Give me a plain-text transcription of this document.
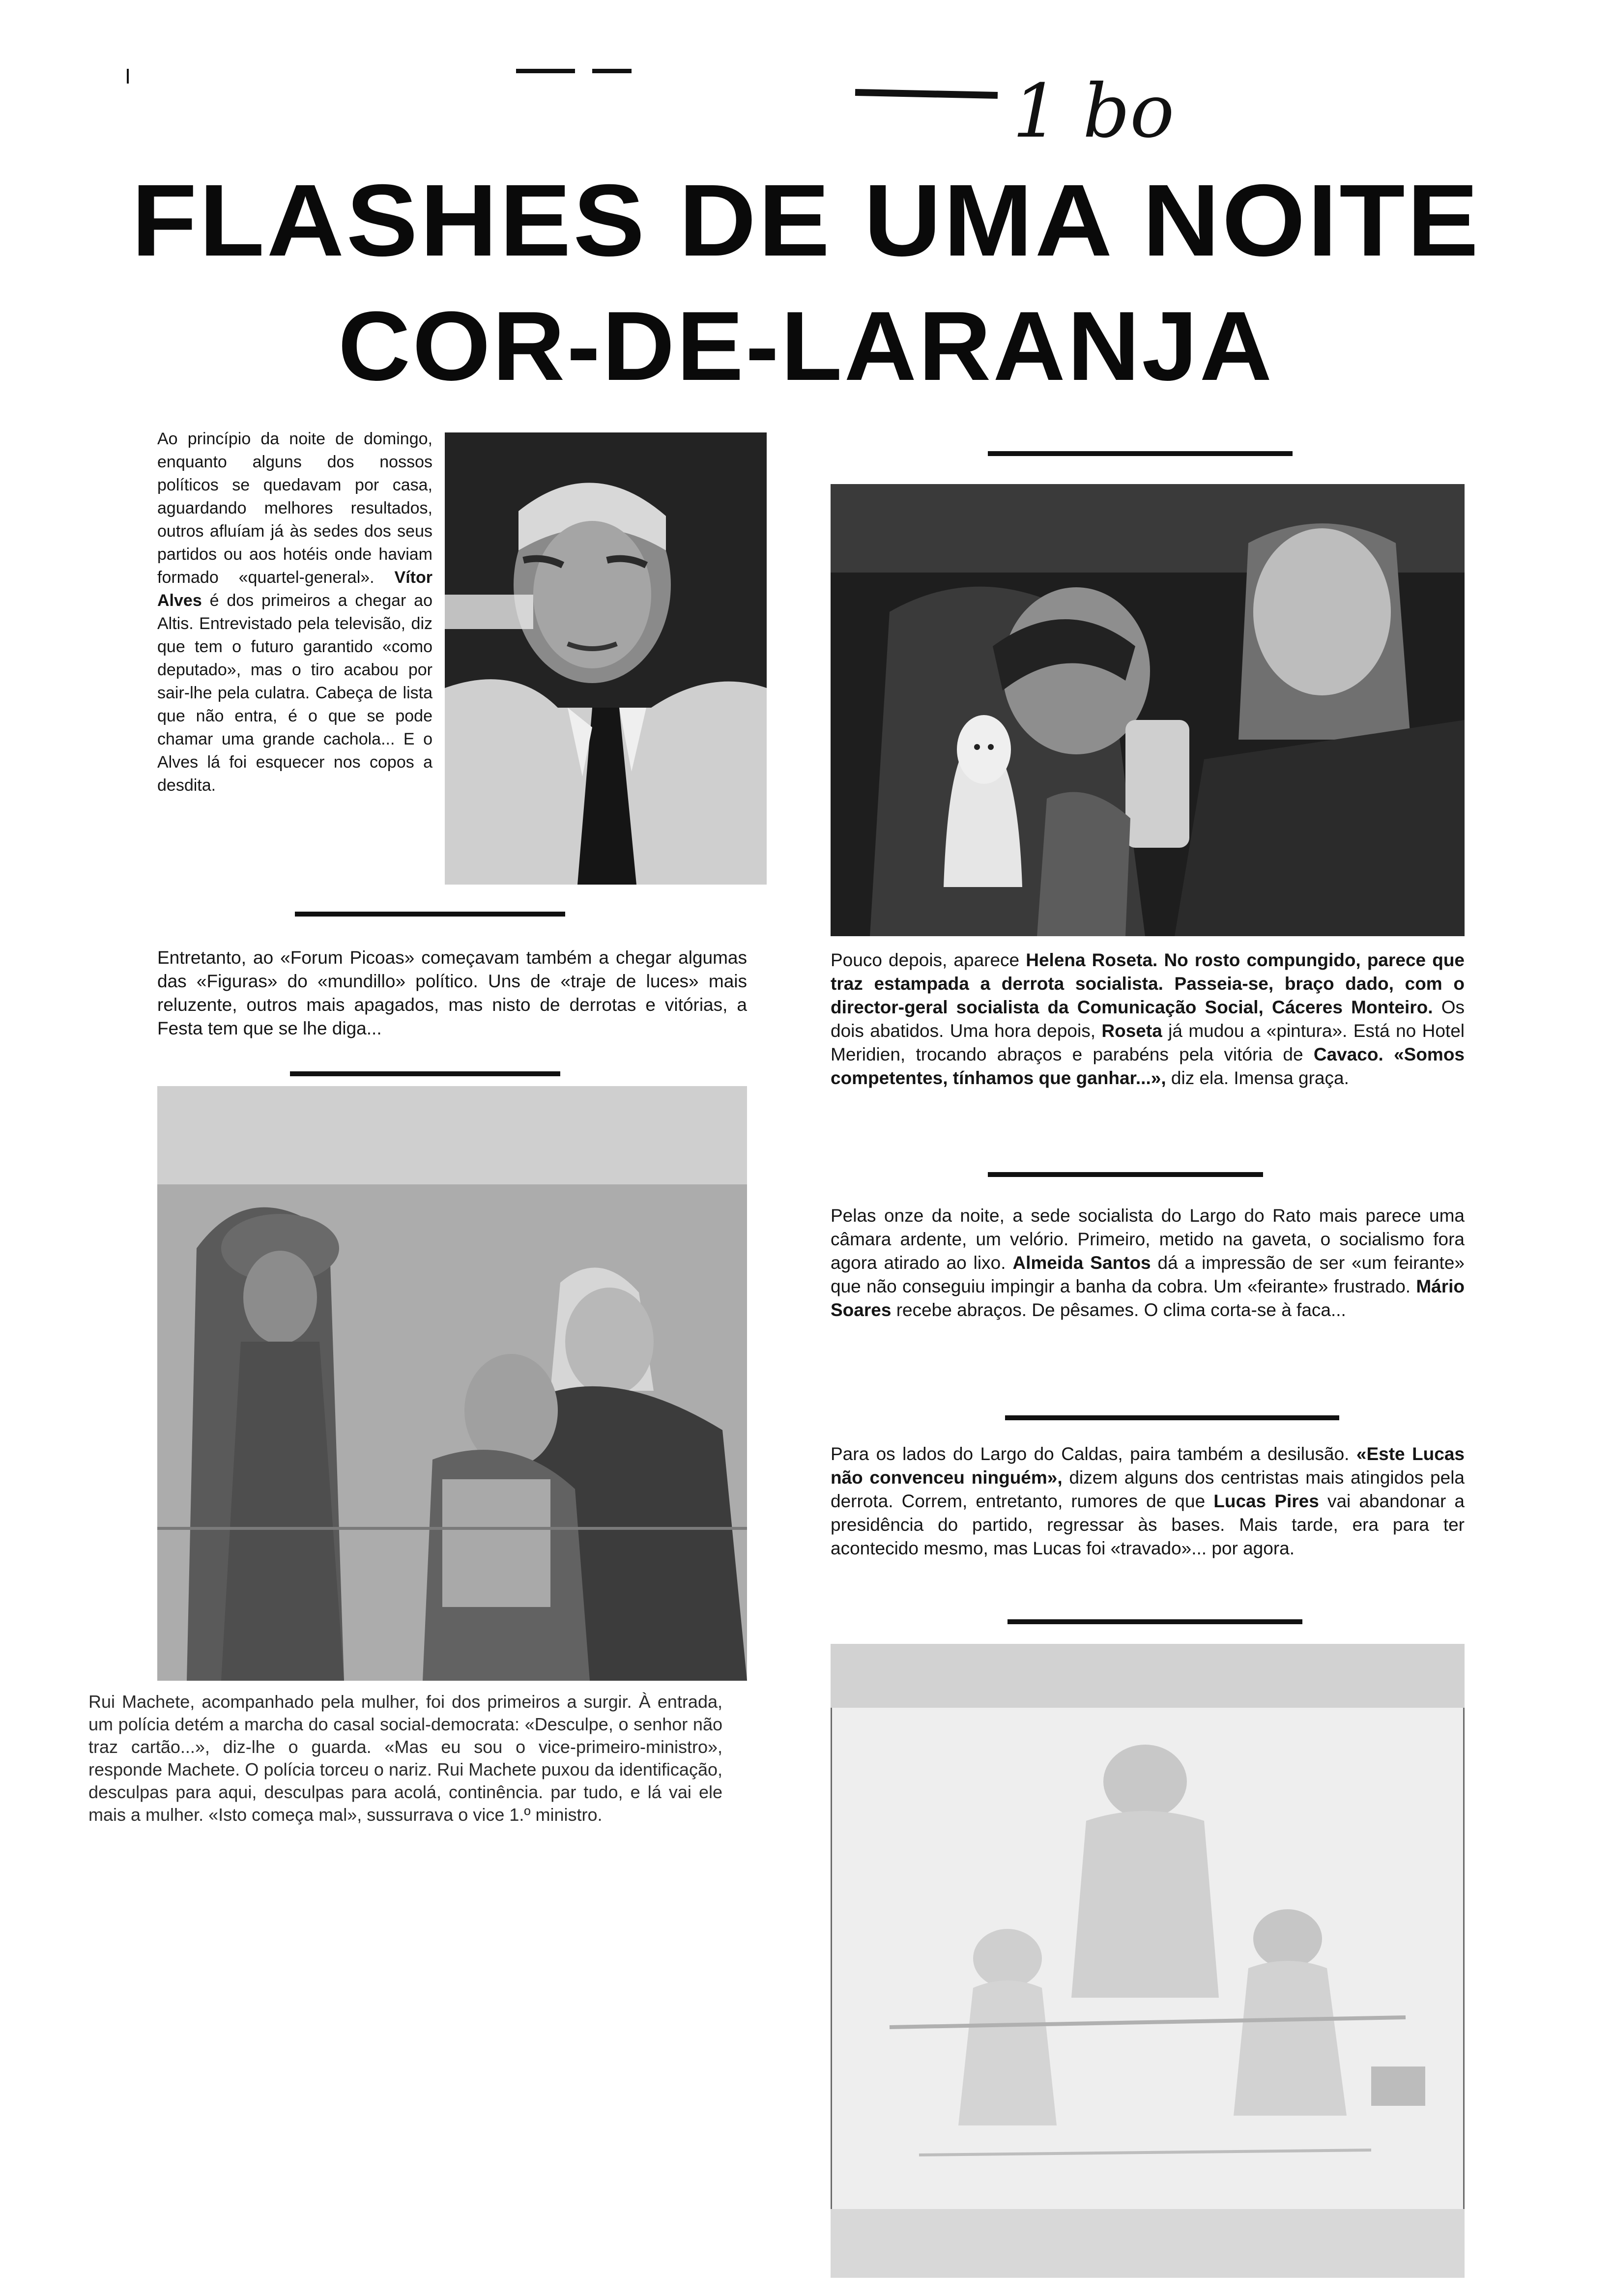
1 bo
FLASHES DE UMA NOITE
COR-DE-LARANJA
Ao princípio da noite de domingo, enquanto alguns dos nossos políticos se quedavam por casa, aguardando melhores resultados, outros afluíam já às sedes dos seus partidos ou aos hotéis onde haviam formado «quartel-general». Vítor Alves é dos primeiros a chegar ao Altis. Entrevistado pela televisão, diz que tem o futuro garantido «como deputado», mas o tiro acabou por sair-lhe pela culatra. Cabeça de lista que não entra, é o que se pode chamar uma grande cachola... E o Alves lá foi esquecer nos copos a desdita.
Entretanto, ao «Forum Picoas» começavam também a chegar algumas das «Figuras» do «mundillo» político. Uns de «traje de luces» mais reluzente, outros mais apagados, mas nisto de derrotas e vitórias, a Festa tem que se lhe diga...
Rui Machete, acompanhado pela mulher, foi dos primeiros a surgir. À entrada, um polícia detém a marcha do casal social-democrata: «Desculpe, o senhor não traz cartão...», diz-lhe o guarda. «Mas eu sou o vice-primeiro-ministro», responde Machete. O polícia torceu o nariz. Rui Machete puxou da identificação, desculpas para aqui, desculpas para acolá, continência. par tudo, e lá vai ele mais a mulher. «Isto começa mal», sussurrava o vice 1.º ministro.
Pouco depois, aparece Helena Roseta. No rosto compungido, parece que traz estampada a derrota socialista. Passeia-se, braço dado, com o director-geral socialista da Comunicação Social, Cáceres Monteiro. Os dois abatidos. Uma hora depois, Roseta já mudou a «pintura». Está no Hotel Meridien, trocando abraços e parabéns pela vitória de Cavaco. «Somos competentes, tínhamos que ganhar...», diz ela. Imensa graça.
Pelas onze da noite, a sede socialista do Largo do Rato mais parece uma câmara ardente, um velório. Primeiro, metido na gaveta, o socialismo fora agora atirado ao lixo. Almeida Santos dá a impressão de ser «um feirante» que não conseguiu impingir a banha da cobra. Um «feirante» frustrado. Mário Soares recebe abraços. De pêsames. O clima corta-se à faca...
Para os lados do Largo do Caldas, paira também a desilusão. «Este Lucas não convenceu ninguém», dizem alguns dos centristas mais atingidos pela derrota. Correm, entretanto, rumores de que Lucas Pires vai abandonar a presidência do partido, regressar às bases. Mais tarde, era para ter acontecido mesmo, mas Lucas foi «travado»... por agora.
